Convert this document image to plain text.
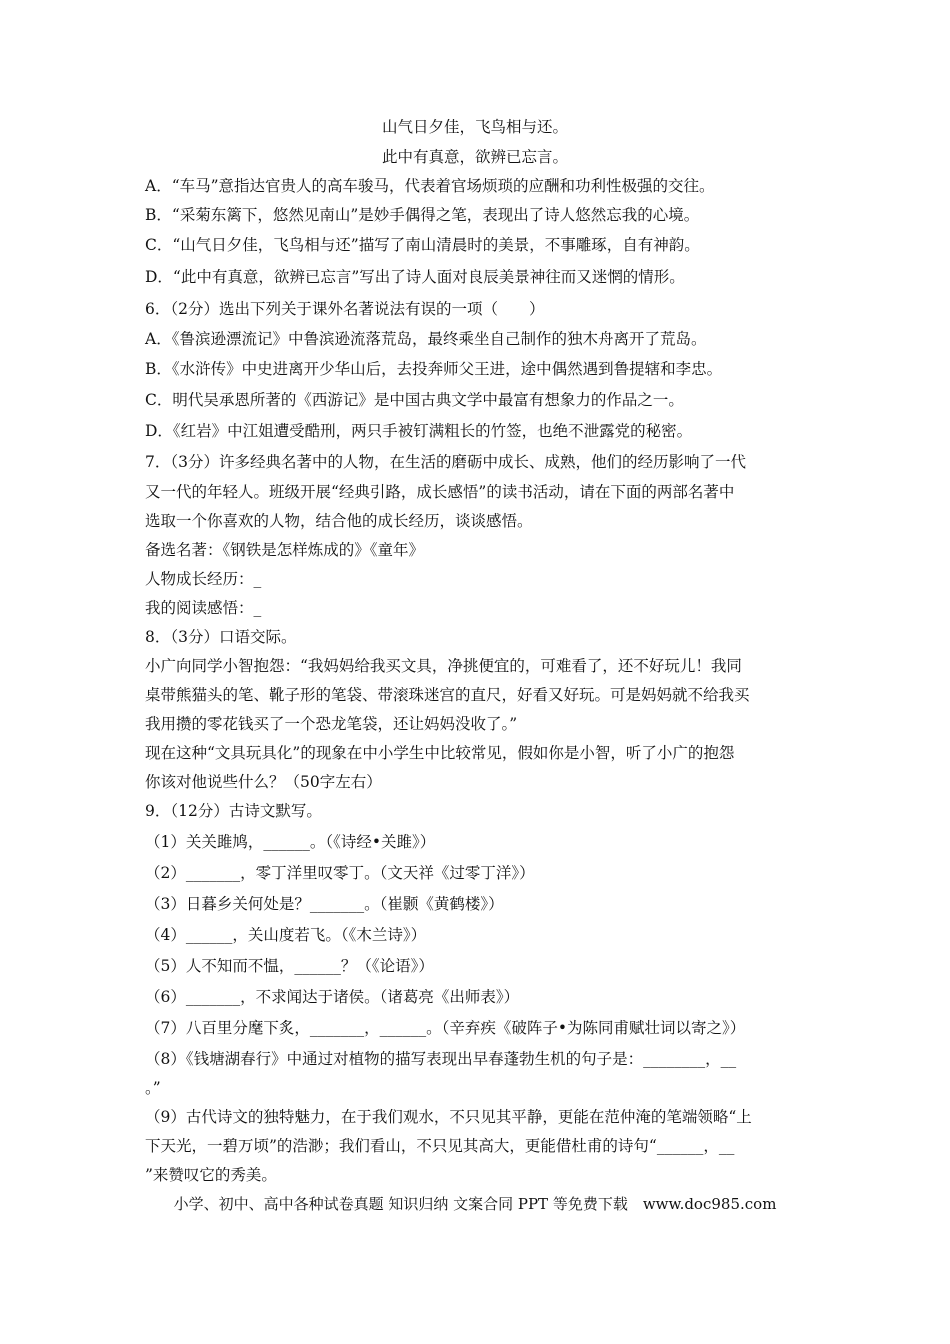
山气日夕佳，飞鸟相与还。
此中有真意，欲辨已忘言。
A．“车马”意指达官贵人的高车骏马，代表着官场烦琐的应酬和功利性极强的交往。
B．“采菊东篱下，悠然见南山”是妙手偶得之笔，表现出了诗人悠然忘我的心境。
C．“山气日夕佳，飞鸟相与还”描写了南山清晨时的美景，不事雕琢，自有神韵。
D．“此中有真意，欲辨已忘言”写出了诗人面对良辰美景神往而又迷惘的情形。
6．（2分）选出下列关于课外名著说法有误的一项（　　）
A．《鲁滨逊漂流记》中鲁滨逊流落荒岛，最终乘坐自己制作的独木舟离开了荒岛。
B．《水浒传》中史进离开少华山后，去投奔师父王进，途中偶然遇到鲁提辖和李忠。
C．明代吴承恩所著的《西游记》是中国古典文学中最富有想象力的作品之一。
D．《红岩》中江姐遭受酷刑，两只手被钉满粗长的竹签，也绝不泄露党的秘密。
7．（3分）许多经典名著中的人物，在生活的磨砺中成长、成熟，他们的经历影响了一代
又一代的年轻人。班级开展“经典引路，成长感悟”的读书活动，请在下面的两部名著中
选取一个你喜欢的人物，结合他的成长经历，谈谈感悟。
备选名著：《钢铁是怎样炼成的》《童年》
人物成长经历：_
我的阅读感悟：_
8．（3分）口语交际。
小广向同学小智抱怨：“我妈妈给我买文具，净挑便宜的，可难看了，还不好玩儿！我同
桌带熊猫头的笔、靴子形的笔袋、带滚珠迷宫的直尺，好看又好玩。可是妈妈就不给我买
我用攒的零花钱买了一个恐龙笔袋，还让妈妈没收了。”
现在这种“文具玩具化”的现象在中小学生中比较常见，假如你是小智，听了小广的抱怨
你该对他说些什么？（50字左右）
9．（12分）古诗文默写。
（1）关关雎鸠，______。（《诗经•关雎》）
（2）_______，零丁洋里叹零丁。（文天祥《过零丁洋》）
（3）日暮乡关何处是？_______。（崔颢《黄鹤楼》）
（4）______，关山度若飞。（《木兰诗》）
（5）人不知而不愠，______？（《论语》）
（6）_______，不求闻达于诸侯。（诸葛亮《出师表》）
（7）八百里分麾下炙，_______，______。（辛弃疾《破阵子•为陈同甫赋壮词以寄之》）
（8）《钱塘湖春行》中通过对植物的描写表现出早春蓬勃生机的句子是：________，__
。”
（9）古代诗文的独特魅力，在于我们观水，不只见其平静，更能在范仲淹的笔端领略“上
下天光，一碧万顷”的浩渺；我们看山，不只见其高大，更能借杜甫的诗句“______，__
”来赞叹它的秀美。
小学、初中、高中各种试卷真题 知识归纳 文案合同 PPT 等免费下载　www.doc985.com
